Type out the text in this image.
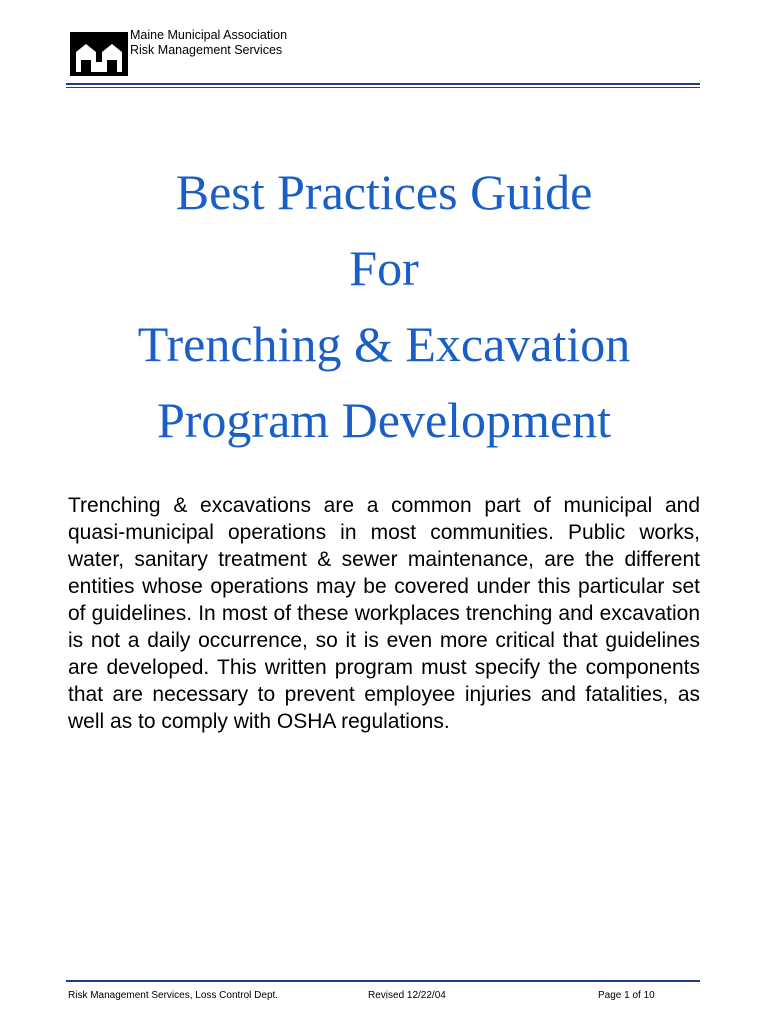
Maine Municipal Association
Risk Management Services
Best Practices Guide
For
Trenching & Excavation
Program Development
Trenching & excavations are a common part of municipal and quasi-municipal operations in most communities. Public works, water, sanitary treatment & sewer maintenance, are the different entities whose operations may be covered under this particular set of guidelines. In most of these workplaces trenching and excavation is not a daily occurrence, so it is even more critical that guidelines are developed. This written program must specify the components that are necessary to prevent employee injuries and fatalities, as well as to comply with OSHA regulations.
Risk Management Services, Loss Control Dept.	Revised 12/22/04	Page 1 of 10
